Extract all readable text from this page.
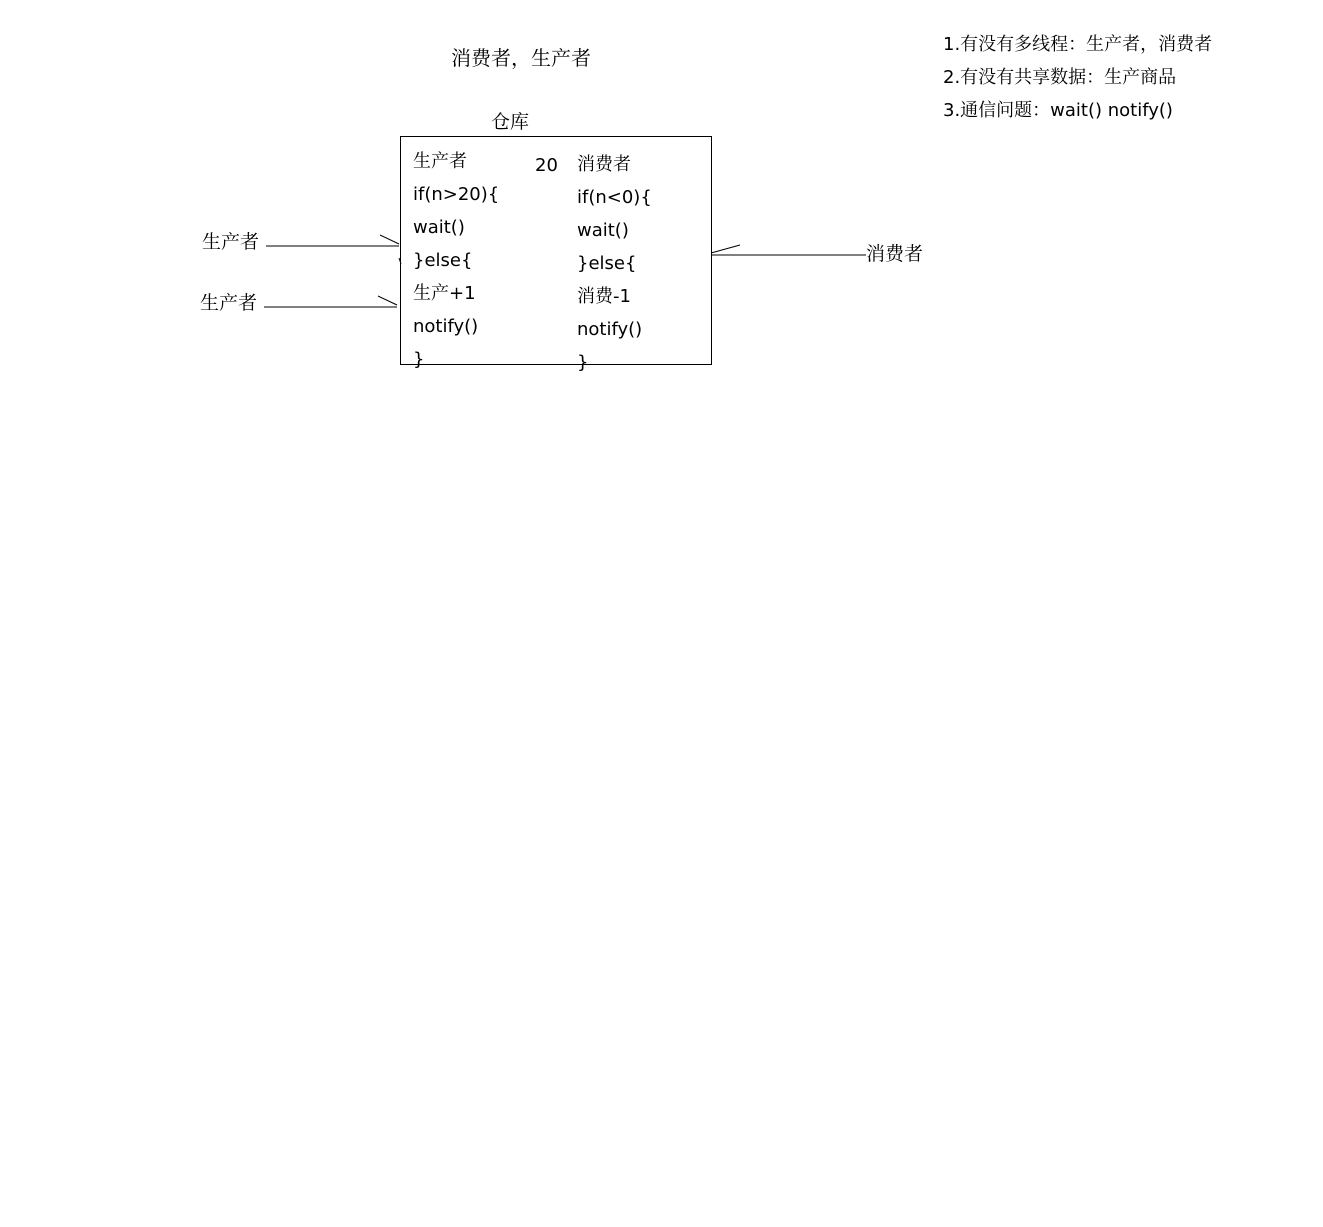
消费者，生产者
仓库
生产者
if(n>20){
wait()
}else{
生产+1
notify()
}
20 消费者
if(n<0){
wait()
}else{
消费-1
notify()
}
生产者
生产者
消费者
1.有没有多线程：生产者，消费者
2.有没有共享数据：生产商品
3.通信问题：wait() notify()
